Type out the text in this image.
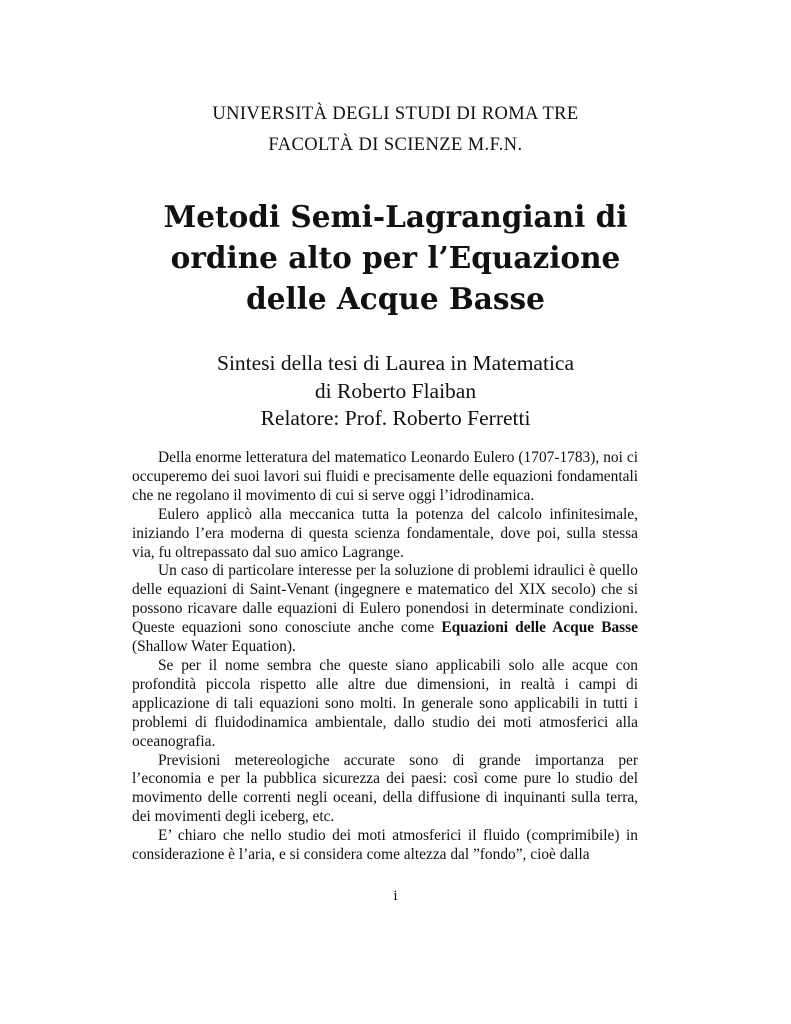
UNIVERSITÀ DEGLI STUDI DI ROMA TRE
FACOLTÀ DI SCIENZE M.F.N.
Metodi Semi-Lagrangiani di
ordine alto per l’Equazione
delle Acque Basse
Sintesi della tesi di Laurea in Matematica
di Roberto Flaiban
Relatore: Prof. Roberto Ferretti

Della enorme letteratura del matematico Leonardo Eulero (1707-1783), noi ci occuperemo dei suoi lavori sui fluidi e precisamente delle equazioni fondamentali che ne regolano il movimento di cui si serve oggi l’idrodinamica.

Eulero applicò alla meccanica tutta la potenza del calcolo infinitesimale, iniziando l’era moderna di questa scienza fondamentale, dove poi, sulla stessa via, fu oltrepassato dal suo amico Lagrange.

Un caso di particolare interesse per la soluzione di problemi idraulici è quello delle equazioni di Saint-Venant (ingegnere e matematico del XIX secolo) che si possono ricavare dalle equazioni di Eulero ponendosi in determinate condizioni. Queste equazioni sono conosciute anche come Equazioni delle Acque Basse (Shallow Water Equation).

Se per il nome sembra che queste siano applicabili solo alle acque con profondità piccola rispetto alle altre due dimensioni, in realtà i campi di applicazione di tali equazioni sono molti. In generale sono applicabili in tutti i problemi di fluidodinamica ambientale, dallo studio dei moti atmosferici alla oceanografia.

Previsioni metereologiche accurate sono di grande importanza per l’economia e per la pubblica sicurezza dei paesi: così come pure lo studio del movimento delle correnti negli oceani, della diffusione di inquinanti sulla terra, dei movimenti degli iceberg, etc.

E’ chiaro che nello studio dei moti atmosferici il fluido (comprimibile) in considerazione è l’aria, e si considera come altezza dal ”fondo”, cioè dalla

i
